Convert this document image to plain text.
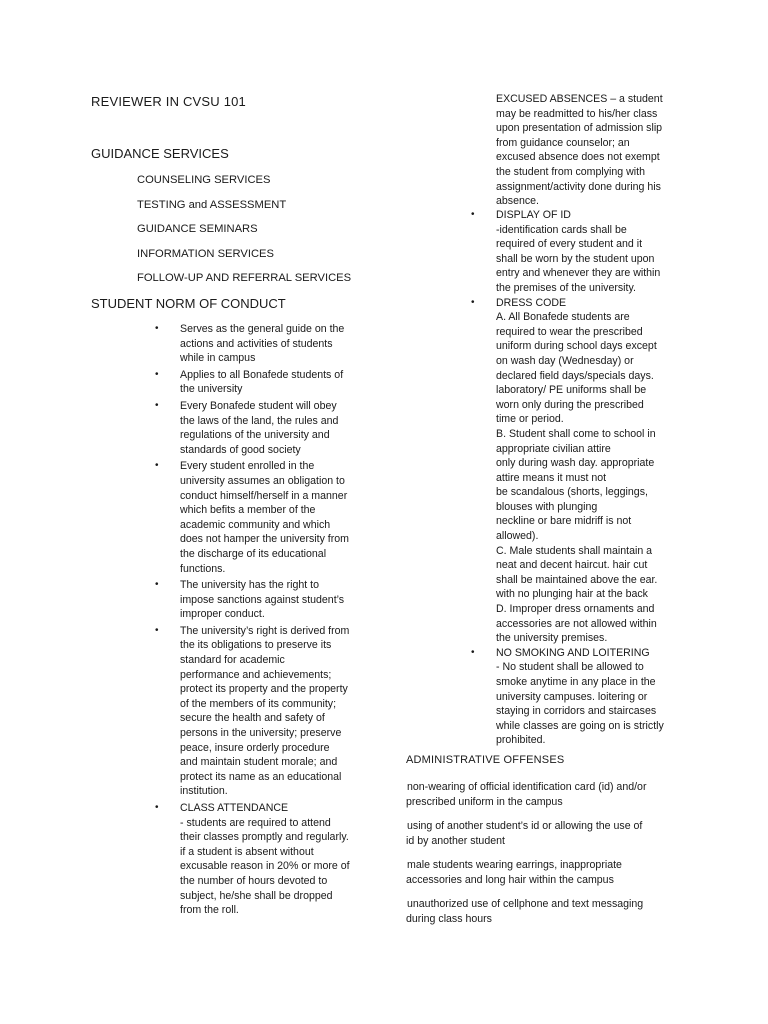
REVIEWER IN CVSU 101
GUIDANCE SERVICES
COUNSELING SERVICES
TESTING and ASSESSMENT
GUIDANCE SEMINARS
INFORMATION SERVICES
FOLLOW-UP AND REFERRAL SERVICES
STUDENT NORM OF CONDUCT
• Serves as the general guide on the
actions and activities of students
while in campus
• Applies to all Bonafede students of
the university
• Every Bonafede student will obey
the laws of the land, the rules and
regulations of the university and
standards of good society
• Every student enrolled in the
university assumes an obligation to
conduct himself/herself in a manner
which befits a member of the
academic community and which
does not hamper the university from
the discharge of its educational
functions.
• The university has the right to
impose sanctions against student’s
improper conduct.
• The university’s right is derived from
the its obligations to preserve its
standard for academic
performance and achievements;
protect its property and the property
of the members of its community;
secure the health and safety of
persons in the university; preserve
peace, insure orderly procedure
and maintain student morale; and
protect its name as an educational
institution.
• CLASS ATTENDANCE
- students are required to attend
their classes promptly and regularly.
if a student is absent without
excusable reason in 20% or more of
the number of hours devoted to
subject, he/she shall be dropped
from the roll.

EXCUSED ABSENCES – a student
may be readmitted to his/her class
upon presentation of admission slip
from guidance counselor; an
excused absence does not exempt
the student from complying with
assignment/activity done during his
absence.

• DISPLAY OF ID
-identification cards shall be
required of every student and it
shall be worn by the student upon
entry and whenever they are within
the premises of the university.
• DRESS CODE
A. All Bonafede students are
required to wear the prescribed
uniform during school days except
on wash day (Wednesday) or
declared field days/specials days.
laboratory/ PE uniforms shall be
worn only during the prescribed
time or period.
B. Student shall come to school in
appropriate civilian attire
only during wash day. appropriate
attire means it must not
be scandalous (shorts, leggings,
blouses with plunging
neckline or bare midriff is not
allowed).
C. Male students shall maintain a
neat and decent haircut. hair cut
shall be maintained above the ear.
with no plunging hair at the back
D. Improper dress ornaments and
accessories are not allowed within
the university premises.
• NO SMOKING AND LOITERING
- No student shall be allowed to
smoke anytime in any place in the
university campuses. loitering or
staying in corridors and staircases
while classes are going on is strictly
prohibited.
ADMINISTRATIVE OFFENSES
non-wearing of official identification card (id) and/or
prescribed uniform in the campus
using of another student’s id or allowing the use of
id by another student
male students wearing earrings, inappropriate
accessories and long hair within the campus
unauthorized use of cellphone and text messaging
during class hours
